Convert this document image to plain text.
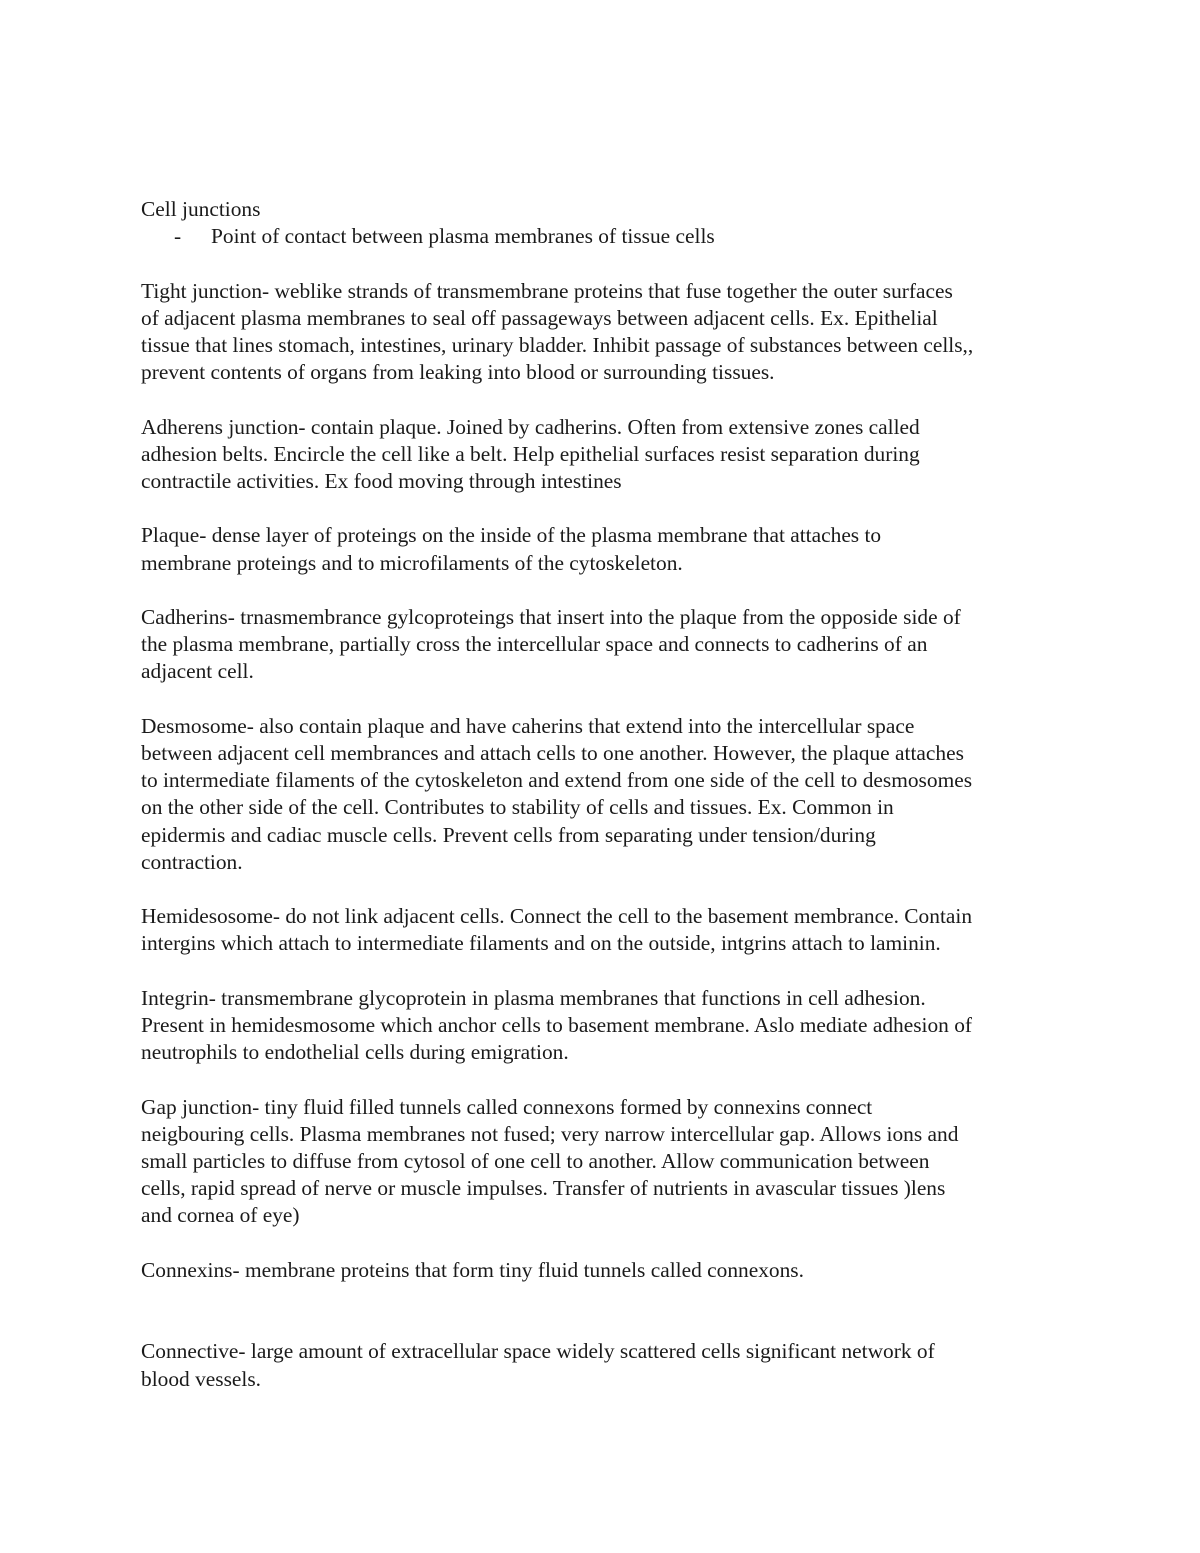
Cell junctions
-	Point of contact between plasma membranes of tissue cells
Tight junction- weblike strands of transmembrane proteins that fuse together the outer surfaces
of adjacent plasma membranes to seal off passageways between adjacent cells. Ex. Epithelial
tissue that lines stomach, intestines, urinary bladder. Inhibit passage of substances between cells,,
prevent contents of organs from leaking into blood or surrounding tissues.
Adherens junction- contain plaque. Joined by cadherins. Often from extensive zones called
adhesion belts. Encircle the cell like a belt. Help epithelial surfaces resist separation during
contractile activities. Ex food moving through intestines
Plaque- dense layer of proteings on the inside of the plasma membrane that attaches to
membrane proteings and to microfilaments of the cytoskeleton.
Cadherins- trnasmembrance gylcoproteings that insert into the plaque from the opposide side of
the plasma membrane, partially cross the intercellular space and connects to cadherins of an
adjacent cell.
Desmosome- also contain plaque and have caherins that extend into the intercellular space
between adjacent cell membrances and attach cells to one another. However, the plaque attaches
to intermediate filaments of the cytoskeleton and extend from one side of the cell to desmosomes
on the other side of the cell. Contributes to stability of cells and tissues. Ex. Common in
epidermis and cadiac muscle cells. Prevent cells from separating under tension/during
contraction.
Hemidesosome- do not link adjacent cells. Connect the cell to the basement membrance. Contain
intergins which attach to intermediate filaments and on the outside, intgrins attach to laminin.
Integrin- transmembrane glycoprotein in plasma membranes that functions in cell adhesion.
Present in hemidesmosome which anchor cells to basement membrane. Aslo mediate adhesion of
neutrophils to endothelial cells during emigration.
Gap junction- tiny fluid filled tunnels called connexons formed by connexins connect
neigbouring cells. Plasma membranes not fused; very narrow intercellular gap. Allows ions and
small particles to diffuse from cytosol of one cell to another. Allow communication between
cells, rapid spread of nerve or muscle impulses. Transfer of nutrients in avascular tissues )lens
and cornea of eye)
Connexins- membrane proteins that form tiny fluid tunnels called connexons.
Connective- large amount of extracellular space widely scattered cells significant network of
blood vessels.
